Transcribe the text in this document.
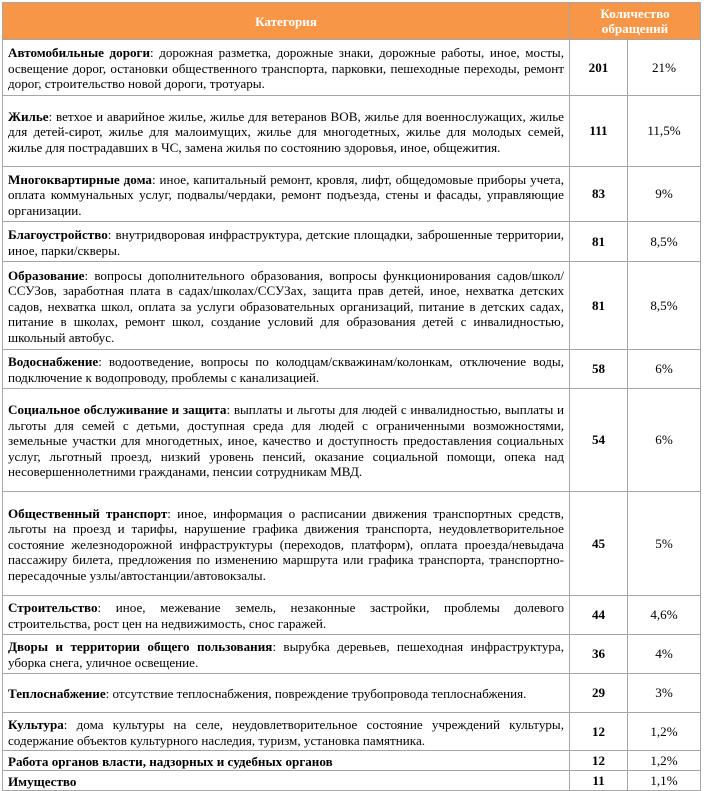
Категория	Количество обращений	
Автомобильные дороги: дорожная разметка, дорожные знаки, дорожные работы, иное, мосты, освещение дорог, остановки общественного транспорта, парковки, пешеходные переходы, ремонт дорог, строительство новой дороги, тротуары.	201	21%
Жилье: ветхое и аварийное жилье, жилье для ветеранов ВОВ, жилье для военнослужащих, жилье для детей-сирот, жилье для малоимущих, жилье для многодетных, жилье для молодых семей, жилье для пострадавших в ЧС, замена жилья по состоянию здоровья, иное, общежития.	111	11,5%
Многоквартирные дома: иное, капитальный ремонт, кровля, лифт, общедомовые приборы учета, оплата коммунальных услуг, подвалы/чердаки, ремонт подъезда, стены и фасады, управляющие организации.	83	9%
Благоустройство: внутридворовая инфраструктура, детские площадки, заброшенные территории, иное, парки/скверы.	81	8,5%
Образование: вопросы дополнительного образования, вопросы функционирования садов/школ/ССУЗов, заработная плата в садах/школах/ССУЗах, защита прав детей, иное, нехватка детских садов, нехватка школ, оплата за услуги образовательных организаций, питание в детских садах, питание в школах, ремонт школ, создание условий для образования детей с инвалидностью, школьный автобус.	81	8,5%
Водоснабжение: водоотведение, вопросы по колодцам/скважинам/колонкам, отключение воды, подключение к водопроводу, проблемы с канализацией.	58	6%
Социальное обслуживание и защита: выплаты и льготы для людей с инвалидностью, выплаты и льготы для семей с детьми, доступная среда для людей с ограниченными возможностями, земельные участки для многодетных, иное, качество и доступность предоставления социальных услуг, льготный проезд, низкий уровень пенсий, оказание социальной помощи, опека над несовершеннолетними гражданами, пенсии сотрудникам МВД.	54	6%
Общественный транспорт: иное, информация о расписании движения транспортных средств, льготы на проезд и тарифы, нарушение графика движения транспорта, неудовлетворительное состояние железнодорожной инфраструктуры (переходов, платформ), оплата проезда/невыдача пассажиру билета, предложения по изменению маршрута или графика транспорта, транспортно-пересадочные узлы/автостанции/автовокзалы.	45	5%
Строительство: иное, межевание земель, незаконные застройки, проблемы долевого строительства, рост цен на недвижимость, снос гаражей.	44	4,6%
Дворы и территории общего пользования: вырубка деревьев, пешеходная инфраструктура, уборка снега, уличное освещение.	36	4%
Теплоснабжение: отсутствие теплоснабжения, повреждение трубопровода теплоснабжения.	29	3%
Культура: дома культуры на селе, неудовлетворительное состояние учреждений культуры, содержание объектов культурного наследия, туризм, установка памятника.	12	1,2%
Работа органов власти, надзорных и судебных органов	12	1,2%
Имущество	11	1,1%
